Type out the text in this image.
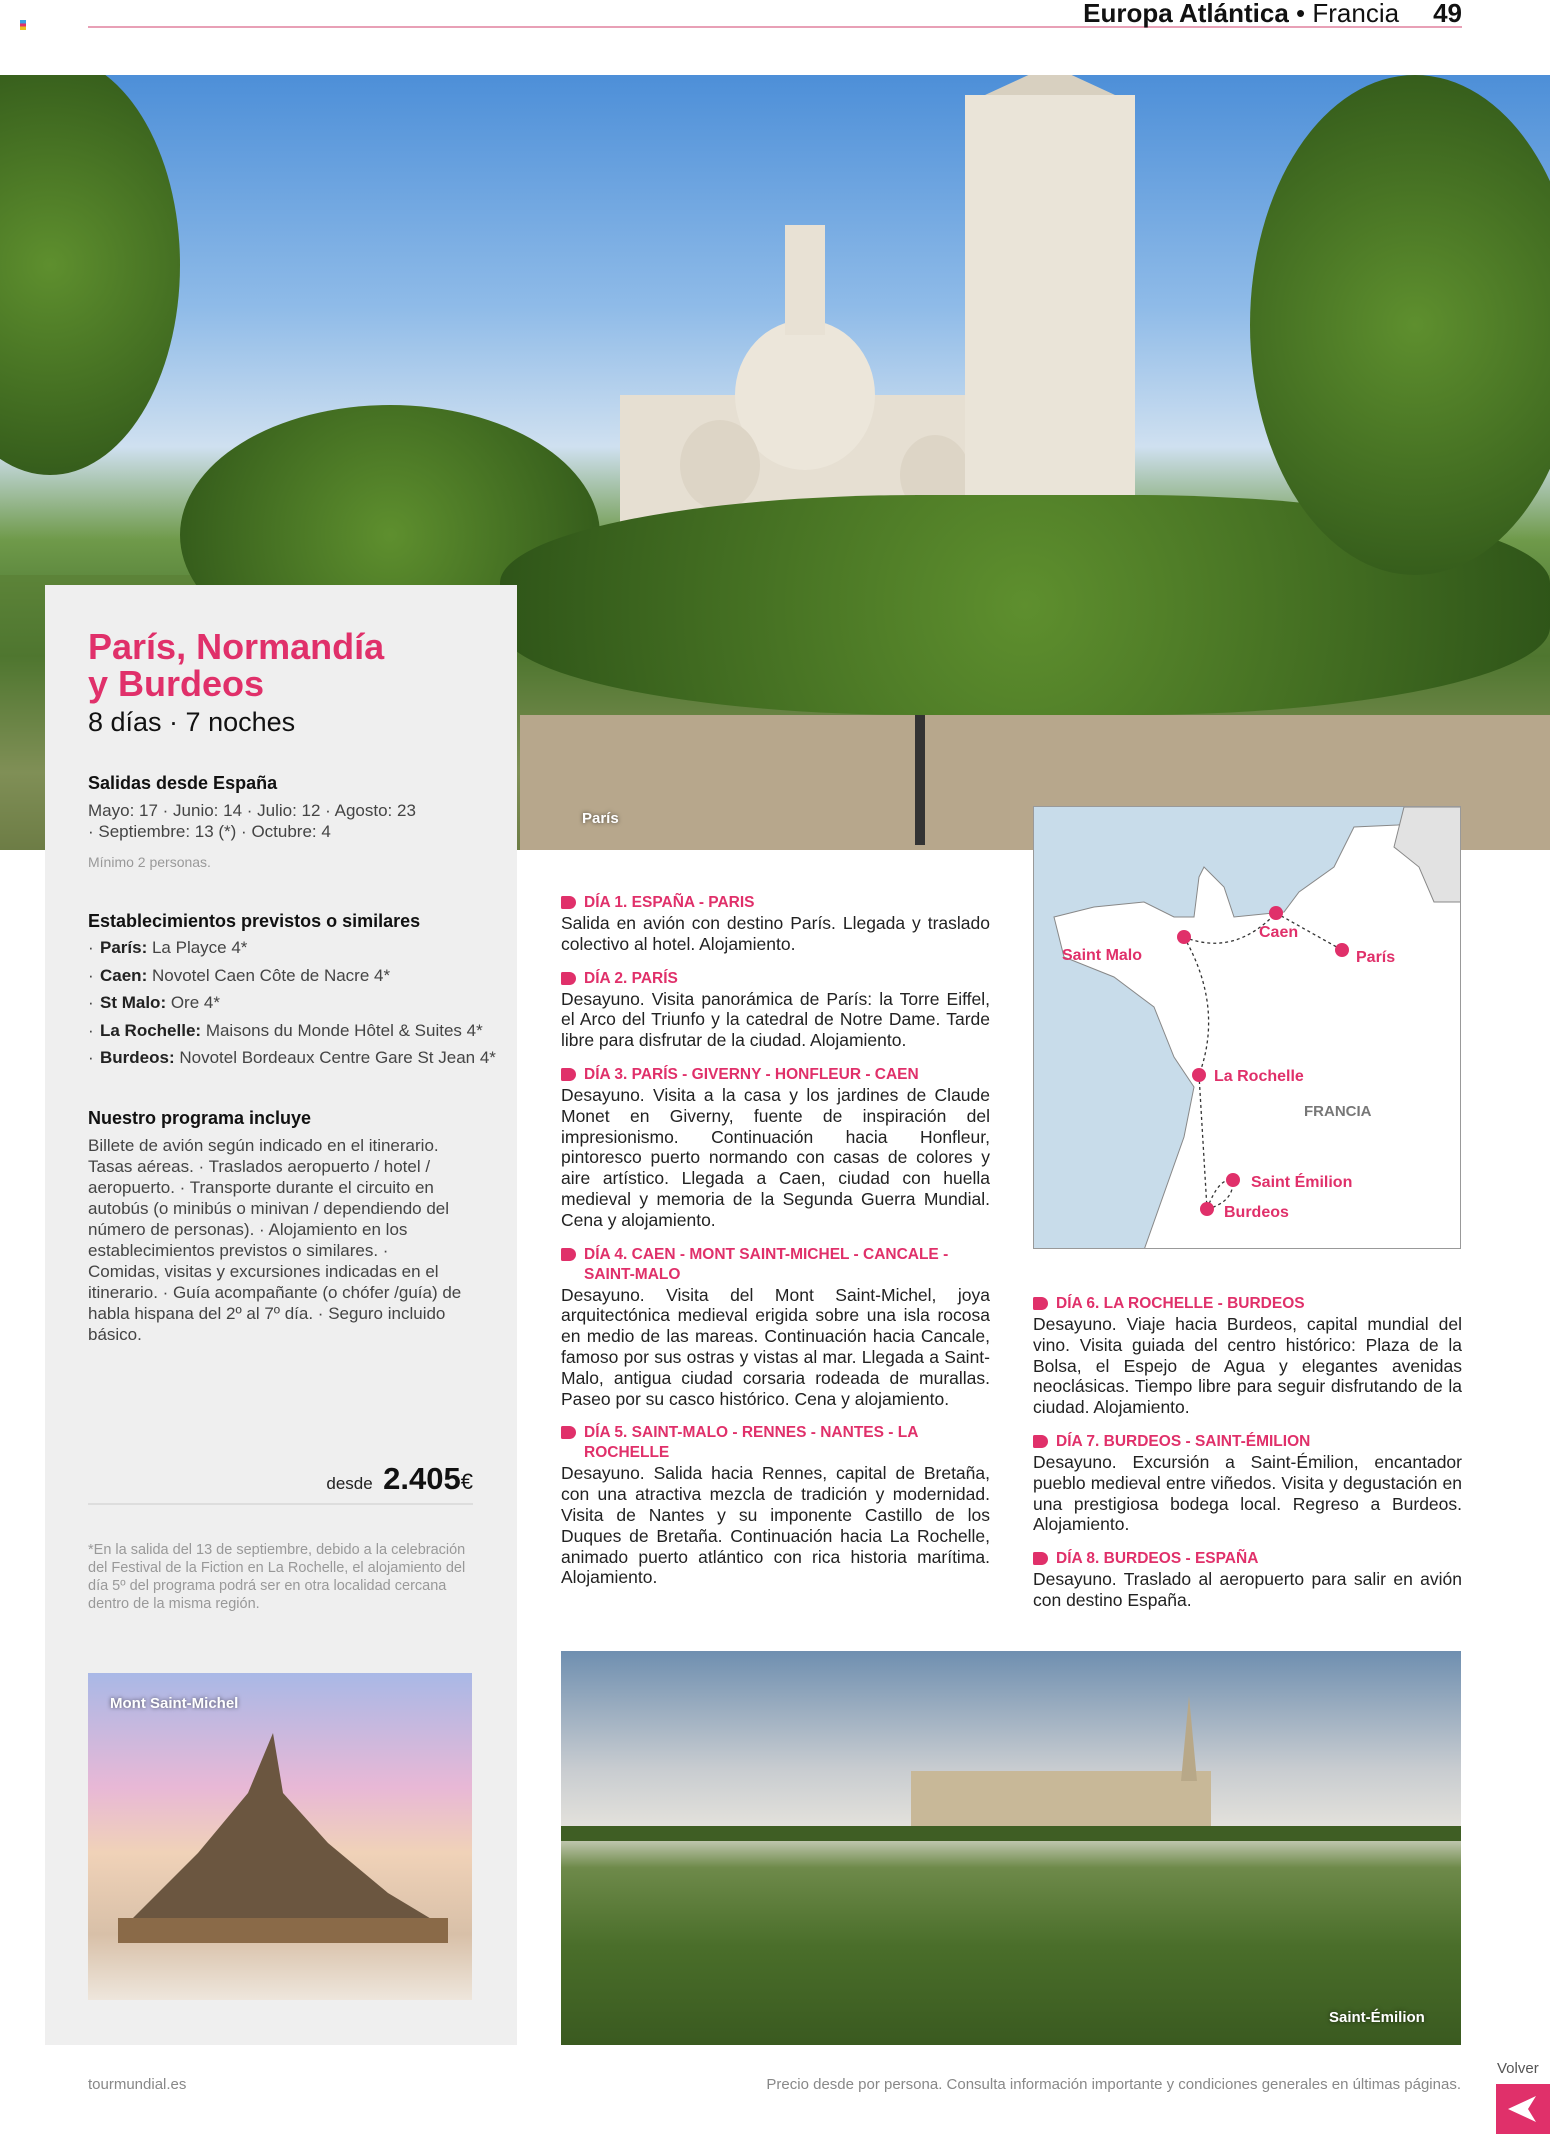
Europa Atlántica • Francia 49
París
París, Normandía
y Burdeos
8 días · 7 noches
Salidas desde España
Mayo: 17 · Junio: 14 · Julio: 12 · Agosto: 23
· Septiembre: 13 (*) · Octubre: 4
Mínimo 2 personas.
Establecimientos previstos o similares
· París: La Playce 4*
· Caen: Novotel Caen Côte de Nacre 4*
· St Malo: Ore 4*
· La Rochelle: Maisons du Monde Hôtel & Suites 4*
· Burdeos: Novotel Bordeaux Centre Gare St Jean 4*
Nuestro programa incluye
Billete de avión según indicado en el itinerario. Tasas aéreas. · Traslados aeropuerto / hotel / aeropuerto. · Transporte durante el circuito en autobús (o minibús o minivan / dependiendo del número de personas). · Alojamiento en los establecimientos previstos o similares. · Comidas, visitas y excursiones indicadas en el itinerario. · Guía acompañante (o chófer /guía) de habla hispana del 2º al 7º día. · Seguro incluido básico.
desde 2.405€
*En la salida del 13 de septiembre, debido a la celebración del Festival de la Fiction en La Rochelle, el alojamiento del día 5º del programa podrá ser en otra localidad cercana dentro de la misma región.
Mont Saint-Michel
DÍA 1. ESPAÑA - PARIS

Salida en avión con destino París. Llegada y traslado colectivo al hotel. Alojamiento.

DÍA 2. PARÍS

Desayuno. Visita panorámica de París: la Torre Eiffel, el Arco del Triunfo y la catedral de Notre Dame. Tarde libre para disfrutar de la ciudad. Alojamiento.

DÍA 3. PARÍS - GIVERNY - HONFLEUR - CAEN

Desayuno. Visita a la casa y los jardines de Claude Monet en Giverny, fuente de inspiración del impresionismo. Continuación hacia Honfleur, pintoresco puerto normando con casas de colores y aire artístico. Llegada a Caen, ciudad con huella medieval y memoria de la Segunda Guerra Mundial. Cena y alojamiento.

DÍA 4. CAEN - MONT SAINT-MICHEL - CANCALE - SAINT-MALO

Desayuno. Visita del Mont Saint-Michel, joya arquitectónica medieval erigida sobre una isla rocosa en medio de las mareas. Continuación hacia Cancale, famoso por sus ostras y vistas al mar. Llegada a Saint-Malo, antigua ciudad corsaria rodeada de murallas. Paseo por su casco histórico. Cena y alojamiento.

DÍA 5. SAINT-MALO - RENNES - NANTES - LA ROCHELLE

Desayuno. Salida hacia Rennes, capital de Bretaña, con una atractiva mezcla de tradición y modernidad. Visita de Nantes y su imponente Castillo de los Duques de Bretaña. Continuación hacia La Rochelle, animado puerto atlántico con rica historia marítima. Alojamiento.

Saint Malo
Caen
París
La Rochelle
Saint Émilion
Burdeos
FRANCIA
DÍA 6. LA ROCHELLE - BURDEOS

Desayuno. Viaje hacia Burdeos, capital mundial del vino. Visita guiada del centro histórico: Plaza de la Bolsa, el Espejo de Agua y elegantes avenidas neoclásicas. Tiempo libre para seguir disfrutando de la ciudad. Alojamiento.

DÍA 7. BURDEOS - SAINT-ÉMILION

Desayuno. Excursión a Saint-Émilion, encantador pueblo medieval entre viñedos. Visita y degustación en una prestigiosa bodega local. Regreso a Burdeos. Alojamiento.

DÍA 8. BURDEOS - ESPAÑA

Desayuno. Traslado al aeropuerto para salir en avión con destino España.

Saint-Émilion
tourmundial.es	Precio desde por persona. Consulta información importante y condiciones generales en últimas páginas.
Volver
